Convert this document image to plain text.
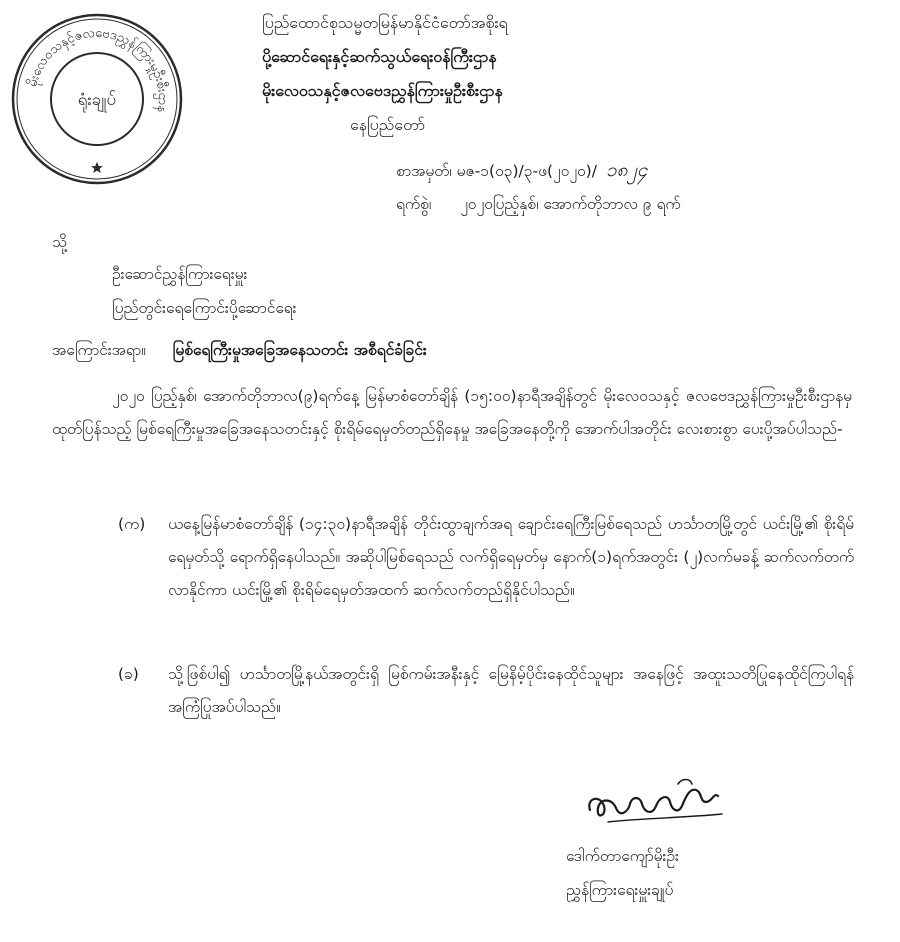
မိုးလေဝသနှင့်ဇလဗေဒညွှန်ကြားမှုဦးစီးဌာန
ရုံးချုပ်
ပြည်ထောင်စုသမ္မတမြန်မာနိုင်ငံတော်အစိုးရ
ပို့ဆောင်ရေးနှင့်ဆက်သွယ်ရေးဝန်ကြီးဌာန
မိုးလေဝသနှင့်ဇလဗေဒညွှန်ကြားမှုဦးစီးဌာန
နေပြည်တော်
စာအမှတ်၊ မဇ-၁(၀၃)/၃-ဖ(၂၀၂၀)/ ၁၈၂၄
ရက်စွဲ၊ ၂၀၂၀ပြည့်နှစ်၊ အောက်တိုဘာလ ၉ ရက်
သို့
ဦးဆောင်ညွှန်ကြားရေးမှူး
ပြည်တွင်းရေကြောင်းပို့ဆောင်ရေး
အကြောင်းအရာ။ မြစ်ရေကြီးမှုအခြေအနေသတင်း အစီရင်ခံခြင်း
၂၀၂၀ ပြည့်နှစ်၊ အောက်တိုဘာလ(၉)ရက်နေ့ မြန်မာစံတော်ချိန် (၁၅:၀၀)နာရီအချိန်တွင် မိုးလေဝသနှင့် ဇလဗေဒညွှန်ကြားမှုဦးစီးဌာနမှ ထုတ်ပြန်သည့် မြစ်ရေကြီးမှုအခြေအနေသတင်းနှင့် စိုးရိမ်ရေမှတ်တည်ရှိနေမှု အခြေအနေတို့ကို အောက်ပါအတိုင်း လေးစားစွာ ပေးပို့အပ်ပါသည်-
(က) ယနေ့မြန်မာစံတော်ချိန် (၁၄:၃၀)နာရီအချိန် တိုင်းထွာချက်အရ ချောင်းရေကြီးမြစ်ရေသည် ဟင်္သာတမြို့တွင် ယင်းမြို့၏ စိုးရိမ်ရေမှတ်သို့ ရောက်ရှိနေပါသည်။ အဆိုပါမြစ်ရေသည် လက်ရှိရေမှတ်မှ နောက်(၁)ရက်အတွင်း (၂)လက်မခန့် ဆက်လက်တက်လာနိုင်ကာ ယင်းမြို့၏ စိုးရိမ်ရေမှတ်အထက် ဆက်လက်တည်ရှိနိုင်ပါသည်။
(ခ) သို့ဖြစ်ပါ၍ ဟင်္သာတမြို့နယ်အတွင်းရှိ မြစ်ကမ်းအနီးနှင့် မြေနိမ့်ပိုင်းနေထိုင်သူများ အနေဖြင့် အထူးသတိပြုနေထိုင်ကြပါရန် အကြံပြုအပ်ပါသည်။
ဒေါက်တာကျော်မိုးဦး
ညွှန်ကြားရေးမှူးချုပ်
